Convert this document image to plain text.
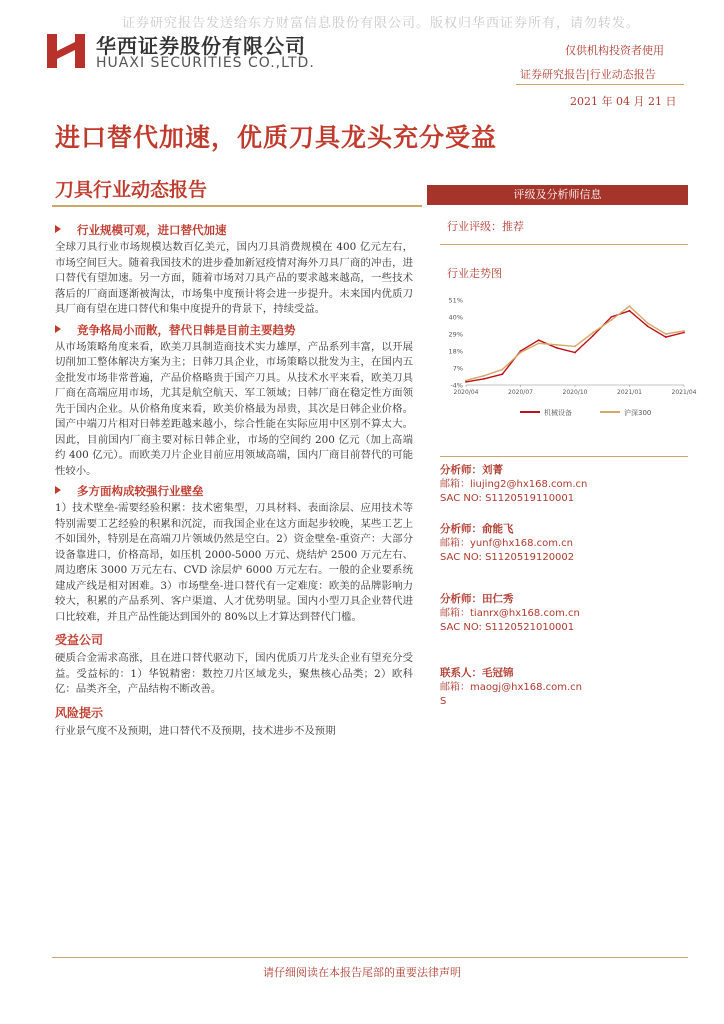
证券研究报告发送给东方财富信息股份有限公司。版权归华西证券所有，请勿转发。
华西证券股份有限公司
HUAXI SECURITIES CO.,LTD.
仅供机构投资者使用
证券研究报告|行业动态报告
2021 年 04 月 21 日
进口替代加速，优质刀具龙头充分受益
刀具行业动态报告
行业规模可观，进口替代加速

全球刀具行业市场规模达数百亿美元，国内刀具消费规模在 400 亿元左右，市场空间巨大。随着我国技术的进步叠加新冠疫情对海外刀具厂商的冲击，进口替代有望加速。另一方面，随着市场对刀具产品的要求越来越高，一些技术落后的厂商面逐渐被淘汰，市场集中度预计将会进一步提升。未来国内优质刀具厂商有望在进口替代和集中度提升的背景下，持续受益。

竞争格局小而散，替代日韩是目前主要趋势

从市场策略角度来看，欧美刀具制造商技术实力雄厚，产品系列丰富，以开展切削加工整体解决方案为主；日韩刀具企业，市场策略以批发为主，在国内五金批发市场非常普遍，产品价格略贵于国产刀具。从技术水平来看，欧美刀具厂商在高端应用市场，尤其是航空航天、军工领域；日韩厂商在稳定性方面领先于国内企业。从价格角度来看，欧美价格最为昂贵，其次是日韩企业价格。国产中端刀片相对日韩差距越来越小，综合性能在实际应用中区别不算太大。因此，目前国内厂商主要对标日韩企业，市场的空间约 200 亿元（加上高端约 400 亿元）。而欧美刀片企业目前应用领域高端，国内厂商目前替代的可能性较小。

多方面构成较强行业壁垒

1）技术壁垒-需要经验积累：技术密集型，刀具材料、表面涂层、应用技术等特别需要工艺经验的积累和沉淀，而我国企业在这方面起步较晚，某些工艺上不如国外，特别是在高端刀片领域仍然是空白。2）资金壁垒-重资产：大部分设备靠进口，价格高昂，如压机 2000-5000 万元、烧结炉 2500 万元左右、周边磨床 3000 万元左右、CVD 涂层炉 6000 万元左右。一般的企业要系统建成产线是相对困难。3）市场壁垒-进口替代有一定难度：欧美的品牌影响力较大，积累的产品系列、客户渠道、人才优势明显。国内小型刀具企业替代进口比较难，并且产品性能达到国外的 80%以上才算达到替代门槛。

受益公司

硬质合金需求高涨，且在进口替代驱动下，国内优质刀片龙头企业有望充分受益。受益标的：1）华锐精密：数控刀片区域龙头，聚焦核心品类；2）欧科亿：品类齐全，产品结构不断改善。

风险提示

行业景气度不及预期，进口替代不及预期，技术进步不及预期

评级及分析师信息
行业评级：推荐
行业走势图
51%
40%
29%
18%
7%
-4%
2020/04	2020/07	2020/10	2021/01	2021/04
机械设备	沪深300
分析师：刘菁
邮箱：liujing2@hx168.com.cn
SAC NO: S1120519110001
分析师：俞能飞
邮箱：yunf@hx168.com.cn
SAC NO: S1120519120002
分析师：田仁秀
邮箱：tianrx@hx168.com.cn
SAC NO: S1120521010001
联系人：毛冠锦
邮箱：maogj@hx168.com.cn
S
请仔细阅读在本报告尾部的重要法律声明
